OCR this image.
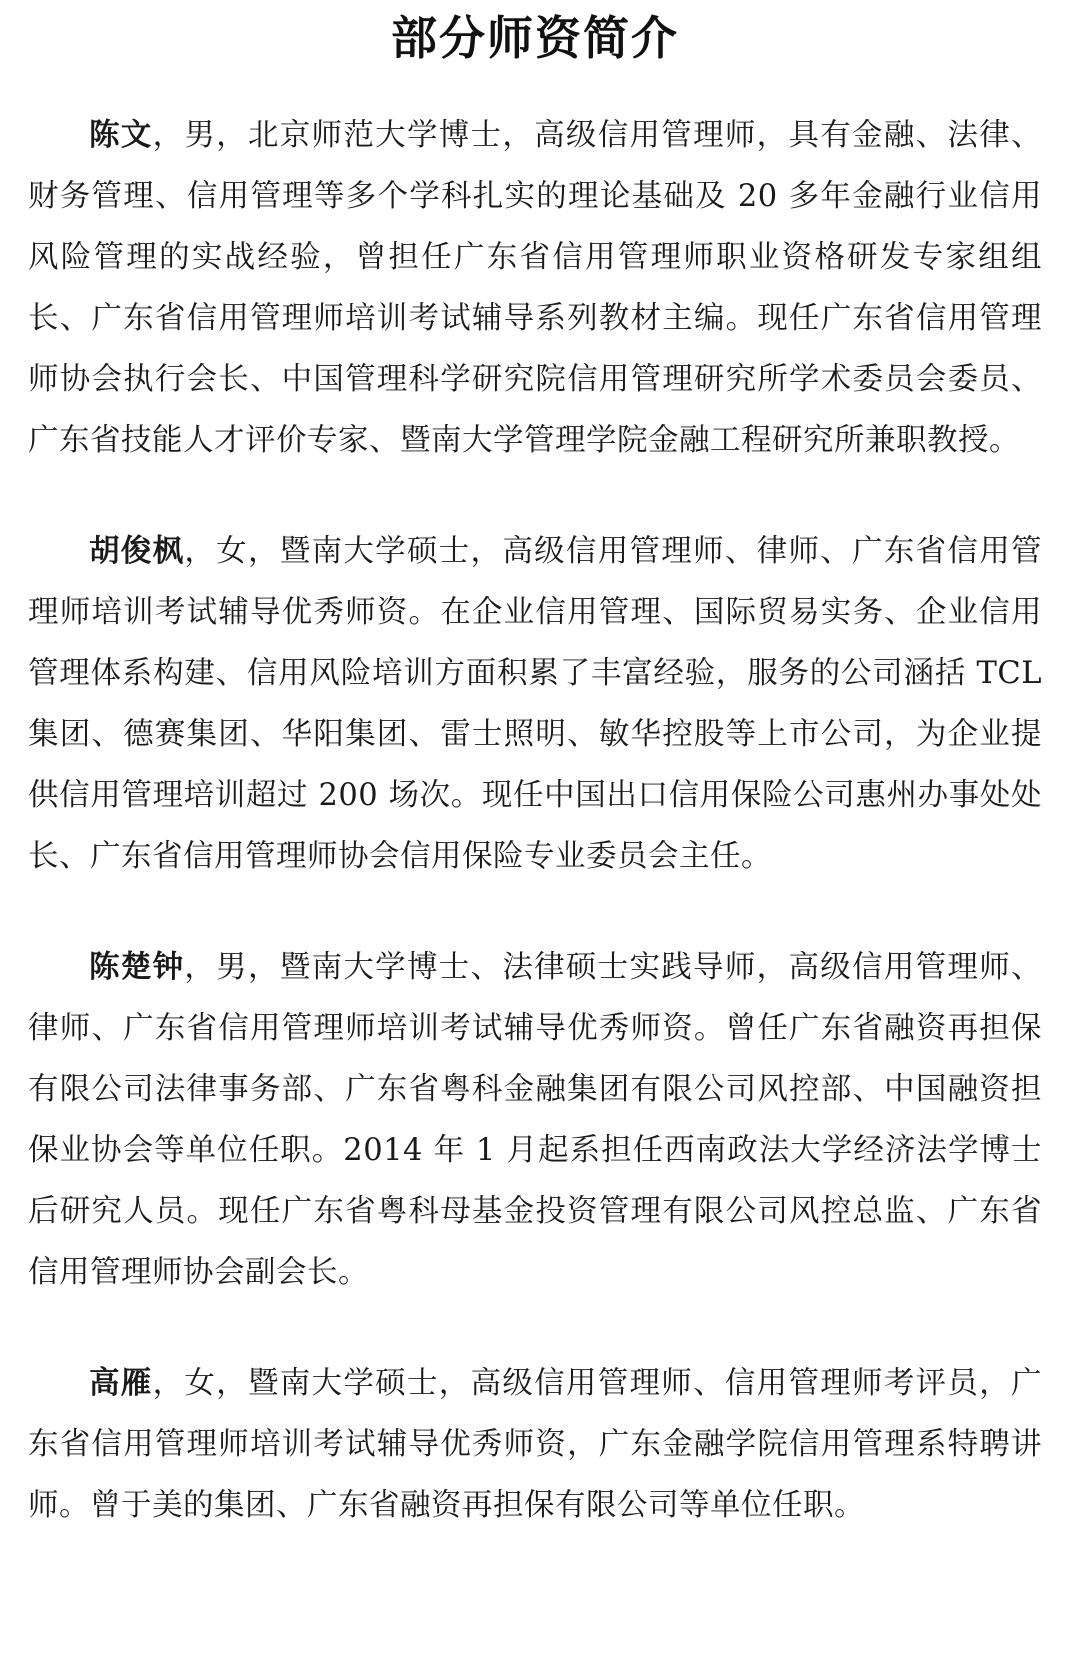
部分师资简介

陈文，男，北京师范大学博士，高级信用管理师，具有金融、法律、财务管理、信用管理等多个学科扎实的理论基础及 20 多年金融行业信用风险管理的实战经验，曾担任广东省信用管理师职业资格研发专家组组长、广东省信用管理师培训考试辅导系列教材主编。现任广东省信用管理师协会执行会长、中国管理科学研究院信用管理研究所学术委员会委员、广东省技能人才评价专家、暨南大学管理学院金融工程研究所兼职教授。

胡俊枫，女，暨南大学硕士，高级信用管理师、律师、广东省信用管理师培训考试辅导优秀师资。在企业信用管理、国际贸易实务、企业信用管理体系构建、信用风险培训方面积累了丰富经验，服务的公司涵括 TCL 集团、德赛集团、华阳集团、雷士照明、敏华控股等上市公司，为企业提供信用管理培训超过 200 场次。现任中国出口信用保险公司惠州办事处处长、广东省信用管理师协会信用保险专业委员会主任。

陈楚钟，男，暨南大学博士、法律硕士实践导师，高级信用管理师、律师、广东省信用管理师培训考试辅导优秀师资。曾任广东省融资再担保有限公司法律事务部、广东省粤科金融集团有限公司风控部、中国融资担保业协会等单位任职。2014 年 1 月起系担任西南政法大学经济法学博士后研究人员。现任广东省粤科母基金投资管理有限公司风控总监、广东省信用管理师协会副会长。

高雁，女，暨南大学硕士，高级信用管理师、信用管理师考评员，广东省信用管理师培训考试辅导优秀师资，广东金融学院信用管理系特聘讲师。曾于美的集团、广东省融资再担保有限公司等单位任职。
